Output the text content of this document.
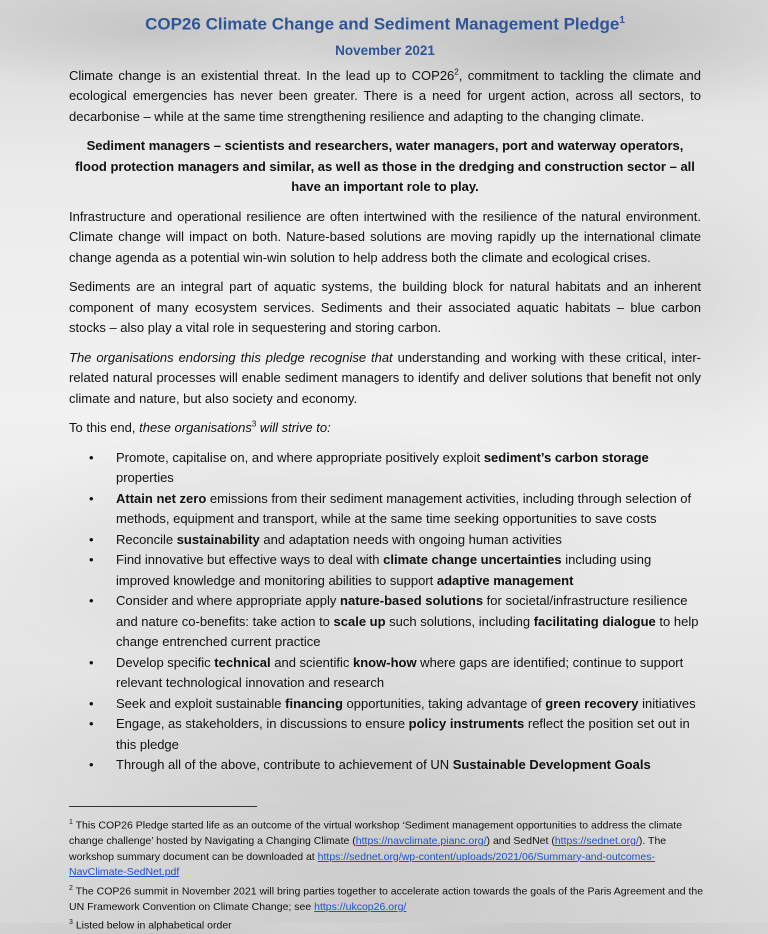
COP26 Climate Change and Sediment Management Pledge$^1$
November 2021

Climate change is an existential threat. In the lead up to $COP26^2$, commitment to tackling the climate and ecological emergencies has never been greater. There is a need for urgent action, across all sectors, to decarbonise – while at the same time strengthening resilience and adapting to the changing climate.

Sediment managers – scientists and researchers, water managers, port and waterway operators, flood protection managers and similar, as well as those in the dredging and construction sector – all have an important role to play.

Infrastructure and operational resilience are often intertwined with the resilience of the natural environment. Climate change will impact on both. Nature-based solutions are moving rapidly up the international climate change agenda as a potential win-win solution to help address both the climate and ecological crises.

Sediments are an integral part of aquatic systems, the building block for natural habitats and an inherent component of many ecosystem services. Sediments and their associated aquatic habitats – blue carbon stocks – also play a vital role in sequestering and storing carbon.

The organisations endorsing this pledge recognise that understanding and working with these critical, inter-related natural processes will enable sediment managers to identify and deliver solutions that benefit not only climate and nature, but also society and economy.

To this end, these organisations$^3$ will strive to:

• Promote, capitalise on, and where appropriate positively exploit sediment’s carbon storage properties
• Attain net zero emissions from their sediment management activities, including through selection of methods, equipment and transport, while at the same time seeking opportunities to save costs
• Reconcile sustainability and adaptation needs with ongoing human activities
• Find innovative but effective ways to deal with climate change uncertainties including using improved knowledge and monitoring abilities to support adaptive management
• Consider and where appropriate apply nature-based solutions for societal/infrastructure resilience and nature co-benefits: take action to scale up such solutions, including facilitating dialogue to help change entrenched current practice
• Develop specific technical and scientific know-how where gaps are identified; continue to support relevant technological innovation and research
• Seek and exploit sustainable financing opportunities, taking advantage of green recovery initiatives
• Engage, as stakeholders, in discussions to ensure policy instruments reflect the position set out in this pledge
• Through all of the above, contribute to achievement of UN Sustainable Development Goals
$^1$ This COP26 Pledge started life as an outcome of the virtual workshop ‘Sediment management opportunities to address the climate change challenge’ hosted by Navigating a Changing Climate (https://navclimate.pianc.org/) and SedNet (https://sednet.org/). The workshop summary document can be downloaded at https://sednet.org/wp-content/uploads/2021/06/Summary-and-outcomes-NavClimate-SedNet.pdf
$^2$ The COP26 summit in November 2021 will bring parties together to accelerate action towards the goals of the Paris Agreement and the UN Framework Convention on Climate Change; see https://ukcop26.org/
$^3$ Listed below in alphabetical order
